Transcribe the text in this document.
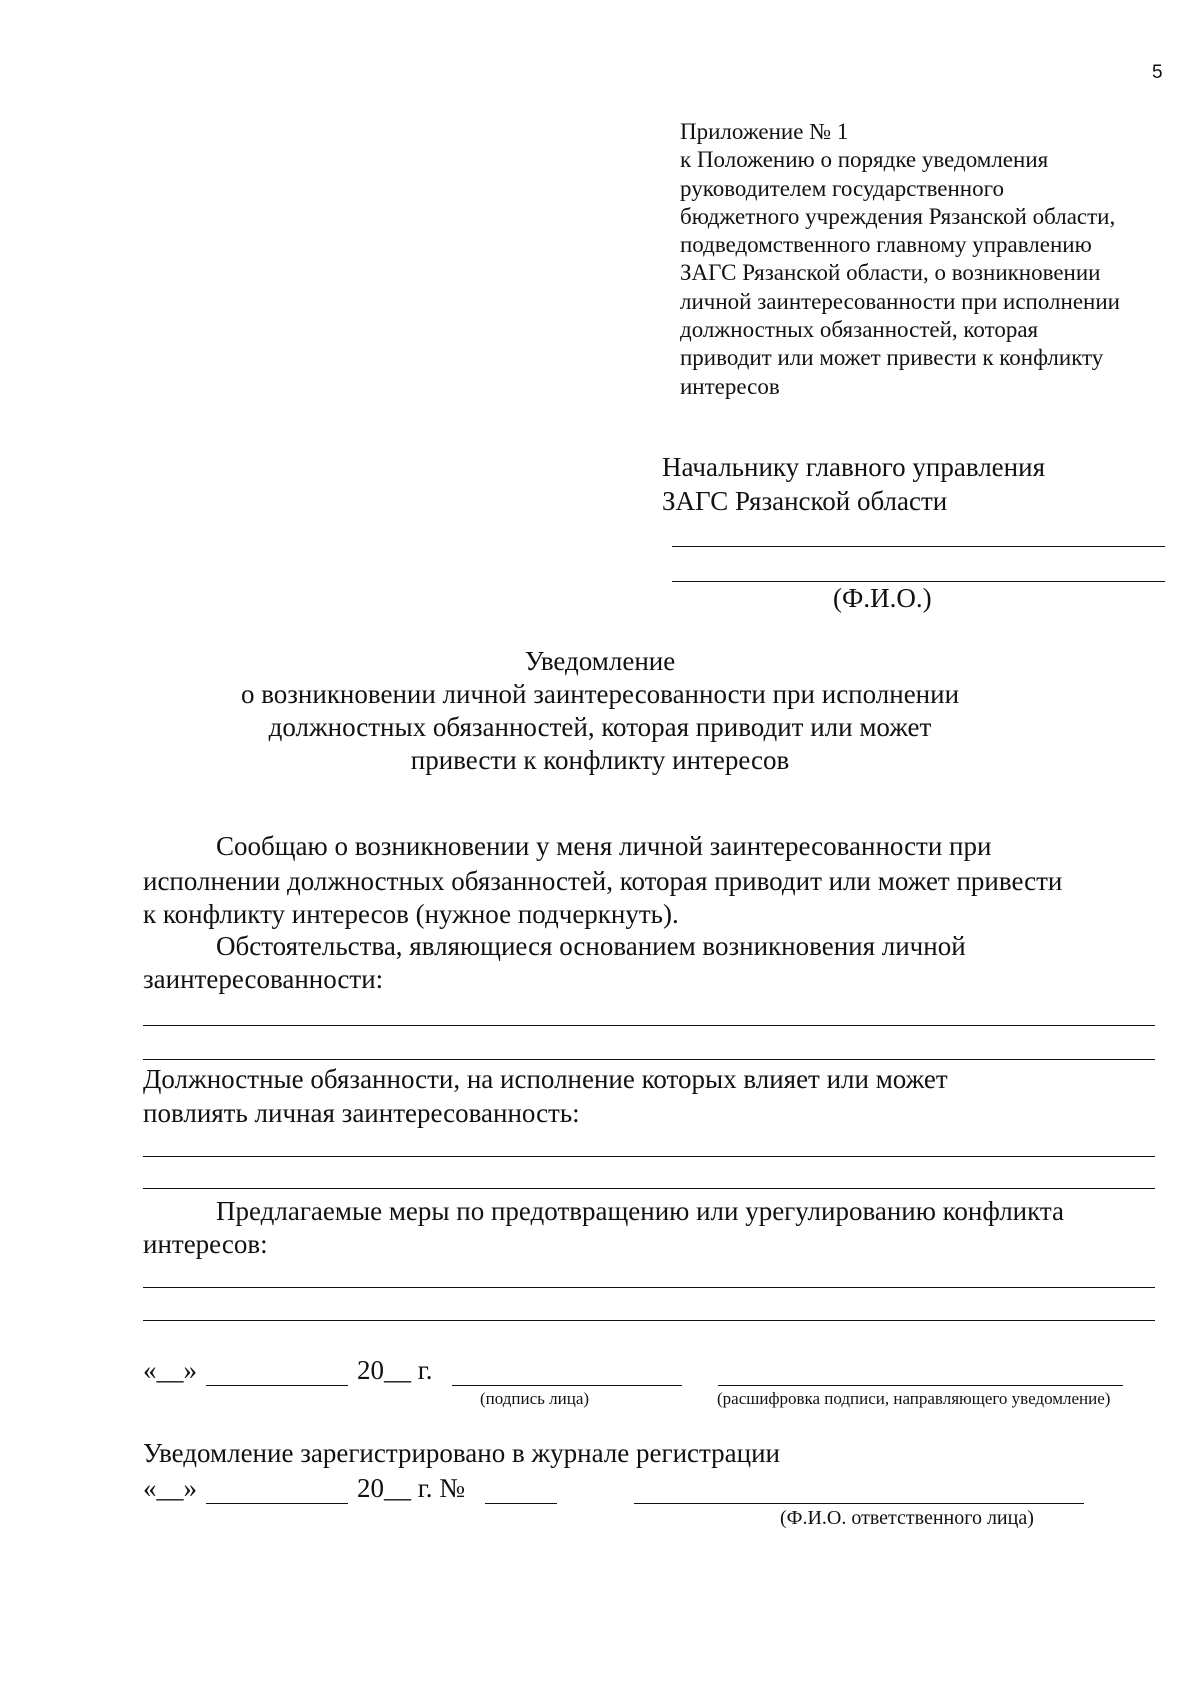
5
Приложение № 1
к Положению о порядке уведомления
руководителем государственного
бюджетного учреждения Рязанской области,
подведомственного главному управлению
ЗАГС Рязанской области, о возникновении
личной заинтересованности при исполнении
должностных обязанностей, которая
приводит или может привести к конфликту
интересов
Начальнику главного управления
ЗАГС Рязанской области
(Ф.И.О.)
Уведомление
о возникновении личной заинтересованности при исполнении
должностных обязанностей, которая приводит или может
привести к конфликту интересов
Сообщаю о возникновении у меня личной заинтересованности при
исполнении должностных обязанностей, которая приводит или может привести
к конфликту интересов (нужное подчеркнуть).
Обстоятельства, являющиеся основанием возникновения личной
заинтересованности:
Должностные обязанности, на исполнение которых влияет или может
повлиять личная заинтересованность:
Предлагаемые меры по предотвращению или урегулированию конфликта
интересов:
«__»	20__ г.
(подпись лица)	(расшифровка подписи, направляющего уведомление)
Уведомление зарегистрировано в журнале регистрации
«__»	20__ г. №
(Ф.И.О. ответственного лица)
